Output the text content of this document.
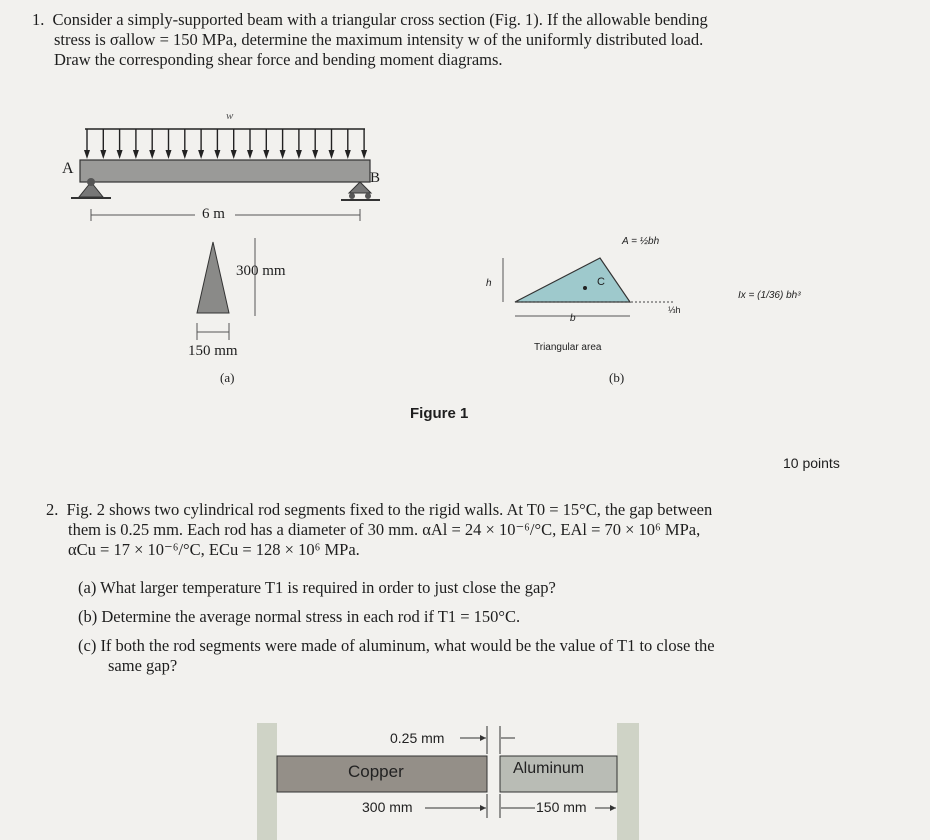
1. Consider a simply-supported beam with a triangular cross section (Fig. 1). If the allowable bending
stress is σallow = 150 MPa, determine the maximum intensity w of the uniformly distributed load.
Draw the corresponding shear force and bending moment diagrams.
w
A
B
6 m
300 mm
150 mm
(a)
A = ½bh
h	C
b
⅓h
Ix = (1/36) bh³
Triangular area
(b)
Figure 1
10 points
2. Fig. 2 shows two cylindrical rod segments fixed to the rigid walls. At T0 = 15°C, the gap between
them is 0.25 mm. Each rod has a diameter of 30 mm. αAl = 24 × 10⁻⁶/°C, EAl = 70 × 10⁶ MPa,
αCu = 17 × 10⁻⁶/°C, ECu = 128 × 10⁶ MPa.
(a) What larger temperature T1 is required in order to just close the gap?
(b) Determine the average normal stress in each rod if T1 = 150°C.
(c) If both the rod segments were made of aluminum, what would be the value of T1 to close the
same gap?
0.25 mm
Copper	Aluminum
300 mm	150 mm
